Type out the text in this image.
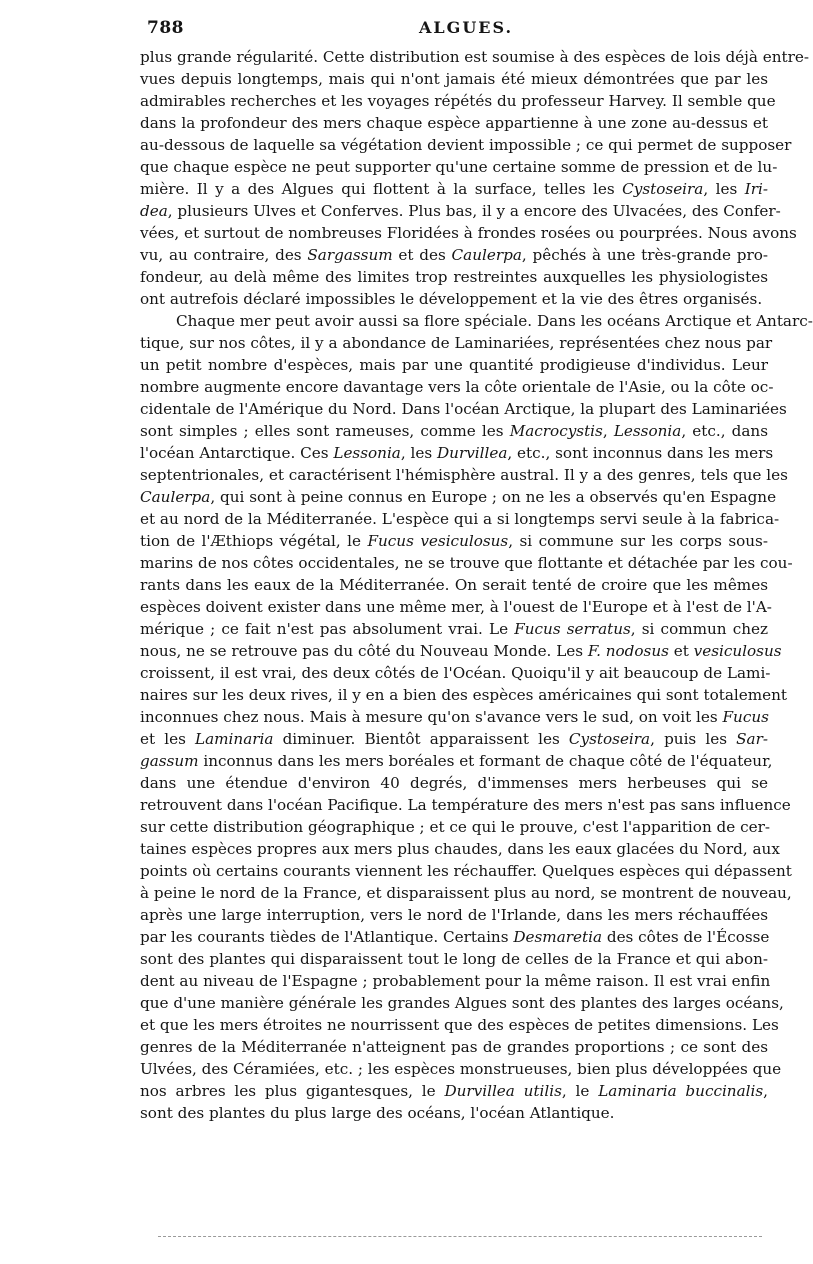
788	ALGUES.
plus grande régularité. Cette distribution est soumise à des espèces de lois déjà entre-
vues depuis longtemps, mais qui n'ont jamais été mieux démontrées que par les
admirables recherches et les voyages répétés du professeur Harvey. Il semble que
dans la profondeur des mers chaque espèce appartienne à une zone au-dessus et
au-dessous de laquelle sa végétation devient impossible ; ce qui permet de supposer
que chaque espèce ne peut supporter qu'une certaine somme de pression et de lu-
mière. Il y a des Algues qui flottent à la surface, telles les Cystoseira, les Iri-
dea, plusieurs Ulves et Conferves. Plus bas, il y a encore des Ulvacées, des Confer-
vées, et surtout de nombreuses Floridées à frondes rosées ou pourprées. Nous avons
vu, au contraire, des Sargassum et des Caulerpa, pêchés à une très-grande pro-
fondeur, au delà même des limites trop restreintes auxquelles les physiologistes
ont autrefois déclaré impossibles le développement et la vie des êtres organisés.
Chaque mer peut avoir aussi sa flore spéciale. Dans les océans Arctique et Antarc-
tique, sur nos côtes, il y a abondance de Laminariées, représentées chez nous par
un petit nombre d'espèces, mais par une quantité prodigieuse d'individus. Leur
nombre augmente encore davantage vers la côte orientale de l'Asie, ou la côte oc-
cidentale de l'Amérique du Nord. Dans l'océan Arctique, la plupart des Laminariées
sont simples ; elles sont rameuses, comme les Macrocystis, Lessonia, etc., dans
l'océan Antarctique. Ces Lessonia, les Durvillea, etc., sont inconnus dans les mers
septentrionales, et caractérisent l'hémisphère austral. Il y a des genres, tels que les
Caulerpa, qui sont à peine connus en Europe ; on ne les a observés qu'en Espagne
et au nord de la Méditerranée. L'espèce qui a si longtemps servi seule à la fabrica-
tion de l'Æthiops végétal, le Fucus vesiculosus, si commune sur les corps sous-
marins de nos côtes occidentales, ne se trouve que flottante et détachée par les cou-
rants dans les eaux de la Méditerranée. On serait tenté de croire que les mêmes
espèces doivent exister dans une même mer, à l'ouest de l'Europe et à l'est de l'A-
mérique ; ce fait n'est pas absolument vrai. Le Fucus serratus, si commun chez
nous, ne se retrouve pas du côté du Nouveau Monde. Les F. nodosus et vesiculosus
croissent, il est vrai, des deux côtés de l'Océan. Quoiqu'il y ait beaucoup de Lami-
naires sur les deux rives, il y en a bien des espèces américaines qui sont totalement
inconnues chez nous. Mais à mesure qu'on s'avance vers le sud, on voit les Fucus
et les Laminaria diminuer. Bientôt apparaissent les Cystoseira, puis les Sar-
gassum inconnus dans les mers boréales et formant de chaque côté de l'équateur,
dans une étendue d'environ 40 degrés, d'immenses mers herbeuses qui se
retrouvent dans l'océan Pacifique. La température des mers n'est pas sans influence
sur cette distribution géographique ; et ce qui le prouve, c'est l'apparition de cer-
taines espèces propres aux mers plus chaudes, dans les eaux glacées du Nord, aux
points où certains courants viennent les réchauffer. Quelques espèces qui dépassent
à peine le nord de la France, et disparaissent plus au nord, se montrent de nouveau,
après une large interruption, vers le nord de l'Irlande, dans les mers réchauffées
par les courants tièdes de l'Atlantique. Certains Desmaretia des côtes de l'Écosse
sont des plantes qui disparaissent tout le long de celles de la France et qui abon-
dent au niveau de l'Espagne ; probablement pour la même raison. Il est vrai enfin
que d'une manière générale les grandes Algues sont des plantes des larges océans,
et que les mers étroites ne nourrissent que des espèces de petites dimensions. Les
genres de la Méditerranée n'atteignent pas de grandes proportions ; ce sont des
Ulvées, des Céramiées, etc. ; les espèces monstrueuses, bien plus développées que
nos arbres les plus gigantesques, le Durvillea utilis, le Laminaria buccinalis,
sont des plantes du plus large des océans, l'océan Atlantique.
